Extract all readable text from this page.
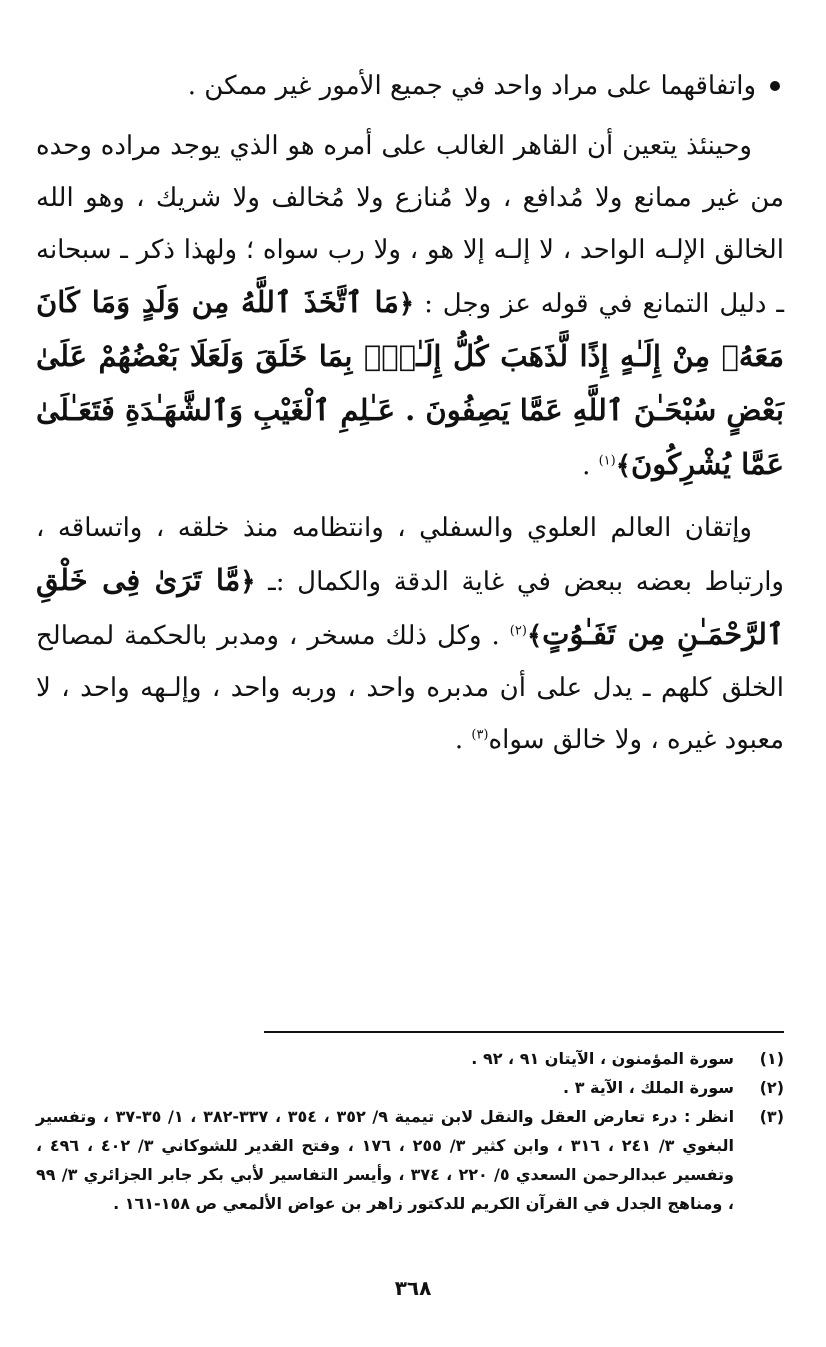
واتفاقهما على مراد واحد في جميع الأمور غير ممكن .

وحينئذ يتعين أن القاهر الغالب على أمره هو الذي يوجد مراده وحده من غير ممانع ولا مُدافع ، ولا مُنازع ولا مُخالف ولا شريك ، وهو الله الخالق الإلـه الواحد ، لا إلـه إلا هو ، ولا رب سواه ؛ ولهذا ذكر ـ سبحانه ـ دليل التمانع في قوله عز وجل : ﴿مَا ٱتَّخَذَ ٱللَّهُ مِن وَلَدٍ وَمَا كَانَ مَعَهُۥ مِنْ إِلَـٰهٍ إِذًا لَّذَهَبَ كُلُّ إِلَـٰهِۭ بِمَا خَلَقَ وَلَعَلَا بَعْضُهُمْ عَلَىٰ بَعْضٍ سُبْحَـٰنَ ٱللَّهِ عَمَّا يَصِفُونَ . عَـٰلِمِ ٱلْغَيْبِ وَٱلشَّهَـٰدَةِ فَتَعَـٰلَىٰ عَمَّا يُشْرِكُونَ﴾$^{(١)}$ .

وإتقان العالم العلوي والسفلي ، وانتظامه منذ خلقه ، واتساقه ، وارتباط بعضه ببعض في غاية الدقة والكمال :ـ ﴿مَّا تَرَىٰ فِى خَلْقِ ٱلرَّحْمَـٰنِ مِن تَفَـٰوُتٍ﴾$^{(٢)}$ . وكل ذلك مسخر ، ومدبر بالحكمة لمصالح الخلق كلهم ـ يدل على أن مدبره واحد ، وربه واحد ، وإلـهه واحد ، لا معبود غيره ، ولا خالق سواه$^{(٣)}$ .

(١)
سورة المؤمنون ، الآيتان ٩١ ، ٩٢ .
(٢)
سورة الملك ، الآية ٣ .
(٣)
انظر : درء تعارض العقل والنقل لابن تيمية ٩/ ٣٥٢ ، ٣٥٤ ، ٣٣٧-٣٨٢ ، ١/ ٣٥-٣٧ ، وتفسير البغوي ٣/ ٢٤١ ، ٣١٦ ، وابن كثير ٣/ ٢٥٥ ، ١٧٦ ، وفتح القدير للشوكاني ٣/ ٤٠٢ ، ٤٩٦ ، وتفسير عبدالرحمن السعدي ٥/ ٢٢٠ ، ٣٧٤ ، وأيسر التفاسير لأبي بكر جابر الجزائري ٣/ ٩٩ ، ومناهج الجدل في القرآن الكريم للدكتور زاهر بن عواض الألمعي ص ١٥٨-١٦١ .
٣٦٨
